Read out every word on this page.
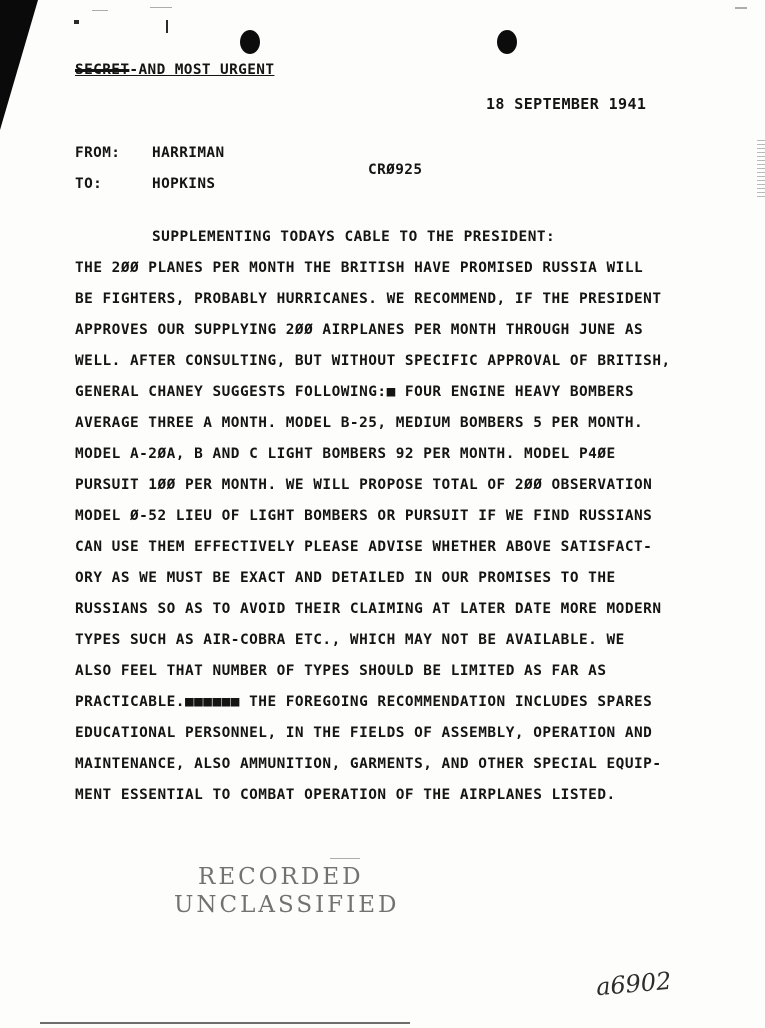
SECRET-AND MOST URGENT
18 SEPTEMBER 1941
FROM: HARRIMAN
TO:	HOPKINS
CRØ925
SUPPLEMENTING TODAYS CABLE TO THE PRESIDENT:
THE 2ØØ PLANES PER MONTH THE BRITISH HAVE PROMISED RUSSIA WILL
BE FIGHTERS, PROBABLY HURRICANES. WE RECOMMEND, IF THE PRESIDENT
APPROVES OUR SUPPLYING 2ØØ AIRPLANES PER MONTH THROUGH JUNE AS
WELL. AFTER CONSULTING, BUT WITHOUT SPECIFIC APPROVAL OF BRITISH,
GENERAL CHANEY SUGGESTS FOLLOWING:■ FOUR ENGINE HEAVY BOMBERS
AVERAGE THREE A MONTH. MODEL B-25, MEDIUM BOMBERS 5 PER MONTH.
MODEL A-2ØA, B AND C LIGHT BOMBERS 92 PER MONTH. MODEL P4ØE
PURSUIT 1ØØ PER MONTH. WE WILL PROPOSE TOTAL OF 2ØØ OBSERVATION
MODEL Ø-52 LIEU OF LIGHT BOMBERS OR PURSUIT IF WE FIND RUSSIANS
CAN USE THEM EFFECTIVELY PLEASE ADVISE WHETHER ABOVE SATISFACT-
ORY AS WE MUST BE EXACT AND DETAILED IN OUR PROMISES TO THE
RUSSIANS SO AS TO AVOID THEIR CLAIMING AT LATER DATE MORE MODERN
TYPES SUCH AS AIR-COBRA ETC., WHICH MAY NOT BE AVAILABLE. WE
ALSO FEEL THAT NUMBER OF TYPES SHOULD BE LIMITED AS FAR AS
PRACTICABLE.■■■■■■ THE FOREGOING RECOMMENDATION INCLUDES SPARES
EDUCATIONAL PERSONNEL, IN THE FIELDS OF ASSEMBLY, OPERATION AND
MAINTENANCE, ALSO AMMUNITION, GARMENTS, AND OTHER SPECIAL EQUIP-
MENT ESSENTIAL TO COMBAT OPERATION OF THE AIRPLANES LISTED.
RECORDED
UNCLASSIFIED
a6902
